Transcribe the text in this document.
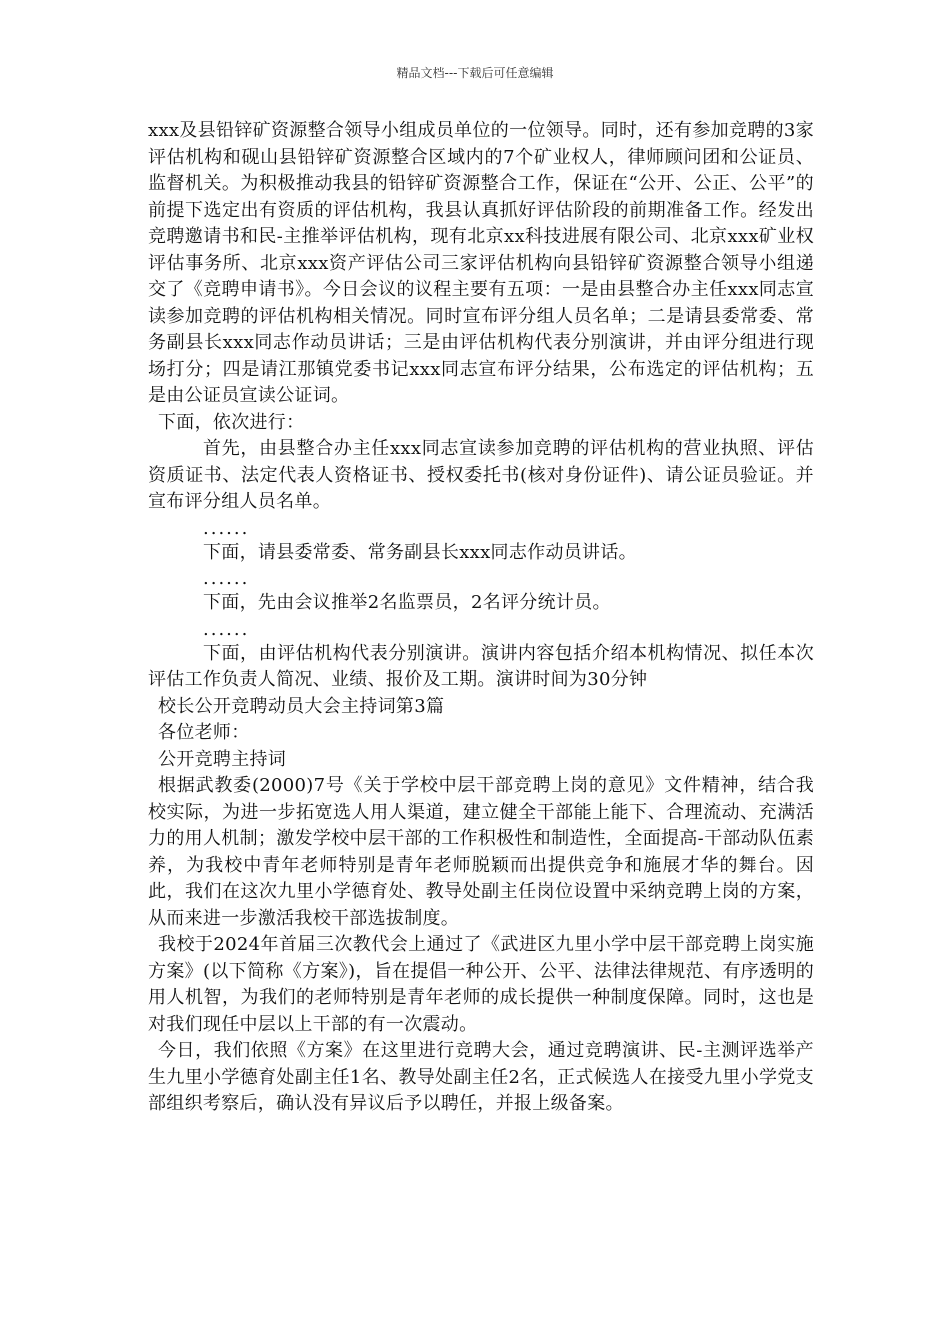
精品文档---下载后可任意编辑

xxx及县铅锌矿资源整合领导小组成员单位的一位领导。同时，还有参加竞聘的3家评估机构和砚山县铅锌矿资源整合区域内的7个矿业权人，律师顾问团和公证员、监督机关。为积极推动我县的铅锌矿资源整合工作，保证在“公开、公正、公平”的前提下选定出有资质的评估机构，我县认真抓好评估阶段的前期准备工作。经发出竞聘邀请书和民-主推举评估机构，现有北京xx科技进展有限公司、北京xxx矿业权评估事务所、北京xxx资产评估公司三家评估机构向县铅锌矿资源整合领导小组递交了《竞聘申请书》。今日会议的议程主要有五项：一是由县整合办主任xxx同志宣读参加竞聘的评估机构相关情况。同时宣布评分组人员名单；二是请县委常委、常务副县长xxx同志作动员讲话；三是由评估机构代表分别演讲，并由评分组进行现场打分；四是请江那镇党委书记xxx同志宣布评分结果，公布选定的评估机构；五是由公证员宣读公证词。

下面，依次进行：

首先，由县整合办主任xxx同志宣读参加竞聘的评估机构的营业执照、评估资质证书、法定代表人资格证书、授权委托书(核对身份证件)、请公证员验证。并宣布评分组人员名单。

......

下面，请县委常委、常务副县长xxx同志作动员讲话。

......

下面，先由会议推举2名监票员，2名评分统计员。

......

下面，由评估机构代表分别演讲。演讲内容包括介绍本机构情况、拟任本次评估工作负责人简况、业绩、报价及工期。演讲时间为30分钟

校长公开竞聘动员大会主持词第3篇

各位老师：

公开竞聘主持词

根据武教委(2000)7号《关于学校中层干部竞聘上岗的意见》文件精神，结合我校实际，为进一步拓宽选人用人渠道，建立健全干部能上能下、合理流动、充满活力的用人机制；激发学校中层干部的工作积极性和制造性，全面提高-干部动队伍素养，为我校中青年老师特别是青年老师脱颖而出提供竞争和施展才华的舞台。因此，我们在这次九里小学德育处、教导处副主任岗位设置中采纳竞聘上岗的方案，从而来进一步激活我校干部选拔制度。

我校于2024年首届三次教代会上通过了《武进区九里小学中层干部竞聘上岗实施方案》(以下简称《方案》)，旨在提倡一种公开、公平、法律法律规范、有序透明的用人机智，为我们的老师特别是青年老师的成长提供一种制度保障。同时，这也是对我们现任中层以上干部的有一次震动。

今日，我们依照《方案》在这里进行竞聘大会，通过竞聘演讲、民-主测评选举产生九里小学德育处副主任1名、教导处副主任2名，正式候选人在接受九里小学党支部组织考察后，确认没有异议后予以聘任，并报上级备案。
